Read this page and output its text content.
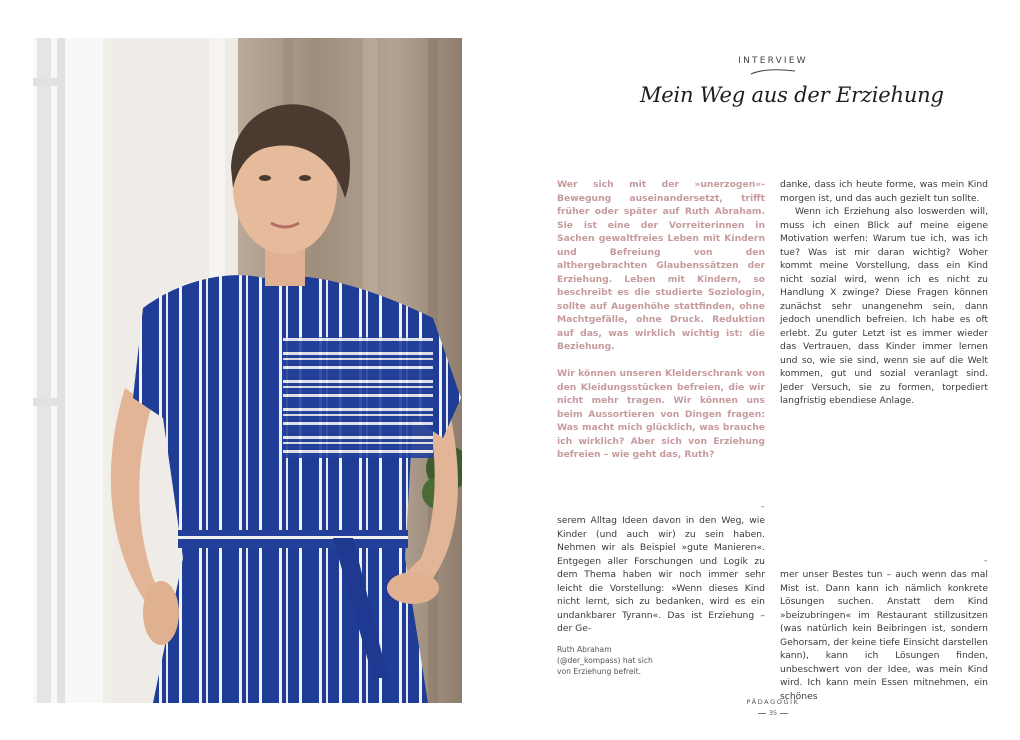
INTERVIEW
Mein Weg aus der Erziehung

Wer sich mit der »unerzogen«-Bewegung auseinandersetzt, trifft früher oder später auf Ruth Abraham. Sie ist eine der Vorreiterinnen in Sachen gewaltfreies Leben mit Kindern und Befreiung von den althergebrachten Glaubenssätzen der Erziehung. Leben mit Kindern, so beschreibt es die studierte Soziologin, sollte auf Augenhöhe stattfinden, ohne Machtgefälle, ohne Druck. Reduktion auf das, was wirklich wichtig ist: die Beziehung.

Wir können unseren Kleiderschrank von den Kleidungsstücken befreien, die wir nicht mehr tragen. Wir können uns beim Aussortieren von Dingen fragen: Was macht mich glücklich, was brauche ich wirklich? Aber sich von Erziehung befreien – wie geht das, Ruth?

danke, dass ich heute forme, was mein Kind morgen ist, und das auch gezielt tun sollte.

Wenn ich Erziehung also loswerden will, muss ich einen Blick auf meine eigene Motivation werfen: Warum tue ich, was ich tue? Was ist mir daran wichtig? Woher kommt meine Vorstellung, dass ein Kind nicht sozial wird, wenn ich es nicht zu Handlung X zwinge? Diese Fragen können zunächst sehr unangenehm sein, dann jedoch unendlich befreien. Ich habe es oft erlebt. Zu guter Letzt ist es immer wieder das Vertrauen, dass Kinder immer lernen und so, wie sie sind, wenn sie auf die Welt kommen, gut und sozial veranlagt sind. Jeder Versuch, sie zu formen, torpediert langfristig ebendiese Anlage.

-

serem Alltag Ideen davon in den Weg, wie Kinder (und auch wir) zu sein haben. Nehmen wir als Beispiel »gute Manieren«. Entgegen aller Forschungen und Logik zu dem Thema haben wir noch immer sehr leicht die Vorstellung: »Wenn dieses Kind nicht lernt, sich zu bedanken, wird es ein undankbarer Tyrann«. Das ist Erziehung – der Ge-

-

mer unser Bestes tun – auch wenn das mal Mist ist. Dann kann ich nämlich konkrete Lösungen suchen. Anstatt dem Kind »beizubringen« im Restaurant stillzusitzen (was natürlich kein Beibringen ist, sondern Gehorsam, der keine tiefe Einsicht darstellen kann), kann ich Lösungen finden, unbeschwert von der Idee, was mein Kind wird. Ich kann mein Essen mitnehmen, ein schönes

Ruth Abraham

(@der_kompass) hat sich

von Erziehung befreit.

PÄDAGOGIK
35
